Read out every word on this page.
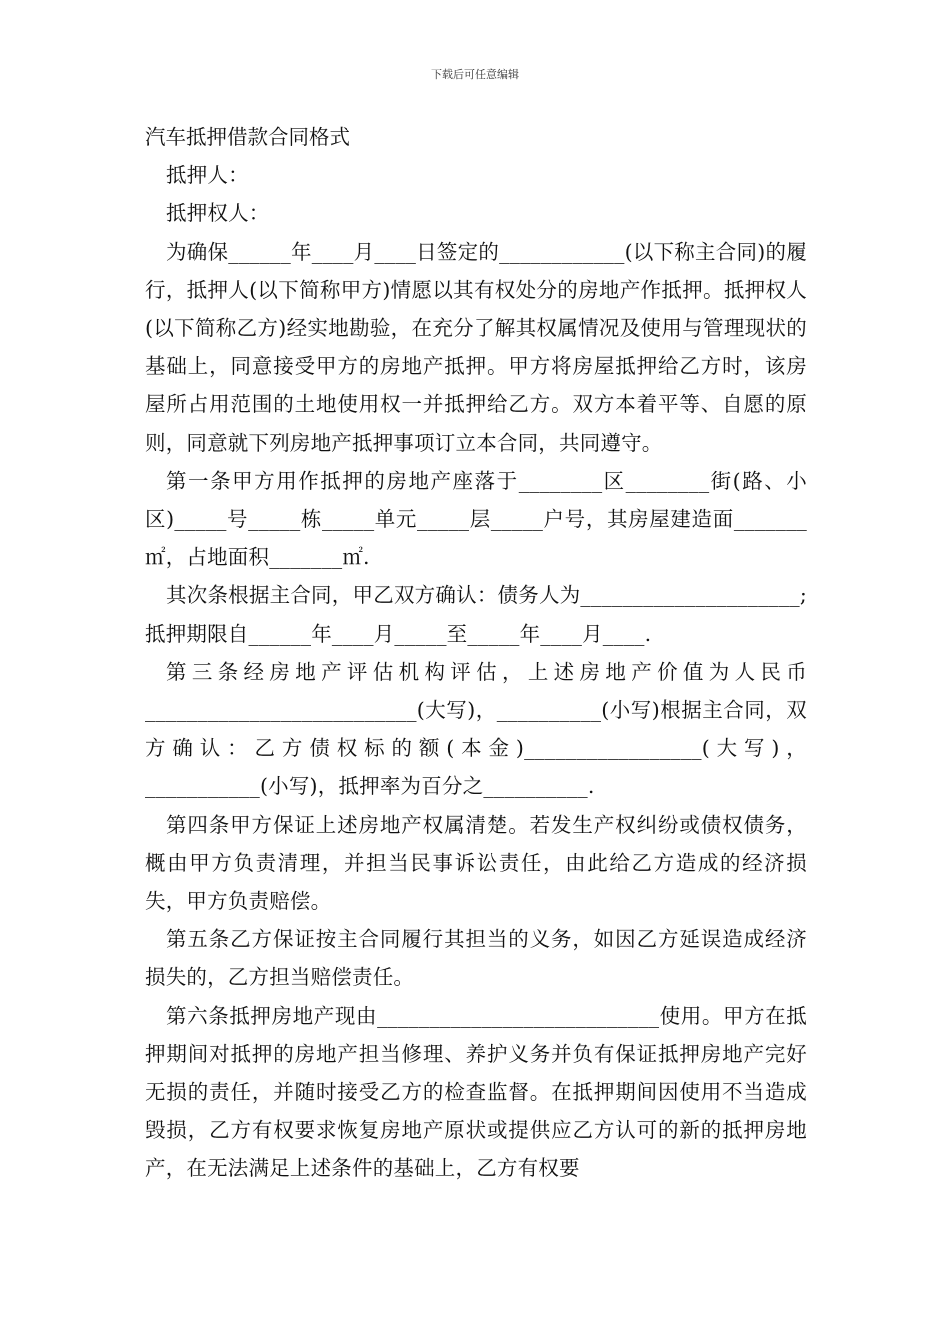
下载后可任意编辑

汽车抵押借款合同格式

抵押人：

抵押权人：

为确保______年____月____日签定的____________(以下称主合同)的履行，抵押人(以下简称甲方)情愿以其有权处分的房地产作抵押。抵押权人(以下简称乙方)经实地勘验，在充分了解其权属情况及使用与管理现状的基础上，同意接受甲方的房地产抵押。甲方将房屋抵押给乙方时，该房屋所占用范围的土地使用权一并抵押给乙方。双方本着平等、自愿的原则，同意就下列房地产抵押事项订立本合同，共同遵守。

第一条甲方用作抵押的房地产座落于________区________街(路、小区)_____号_____栋_____单元_____层_____户号，其房屋建造面_______㎡，占地面积_______㎡.

其次条根据主合同，甲乙双方确认：债务人为_____________________;抵押期限自______年____月_____至_____年____月____.

第三条经房地产评估机构评估，上述房地产价值为人民币__________________________(大写)，__________(小写)根据主合同，双方确认：乙方债权标的额(本金)_________________(大写)，___________(小写)，抵押率为百分之__________.

第四条甲方保证上述房地产权属清楚。若发生产权纠纷或债权债务，概由甲方负责清理，并担当民事诉讼责任，由此给乙方造成的经济损失，甲方负责赔偿。

第五条乙方保证按主合同履行其担当的义务，如因乙方延误造成经济损失的，乙方担当赔偿责任。

第六条抵押房地产现由___________________________使用。甲方在抵押期间对抵押的房地产担当修理、养护义务并负有保证抵押房地产完好无损的责任，并随时接受乙方的检查监督。在抵押期间因使用不当造成毁损，乙方有权要求恢复房地产原状或提供应乙方认可的新的抵押房地产，在无法满足上述条件的基础上，乙方有权要
